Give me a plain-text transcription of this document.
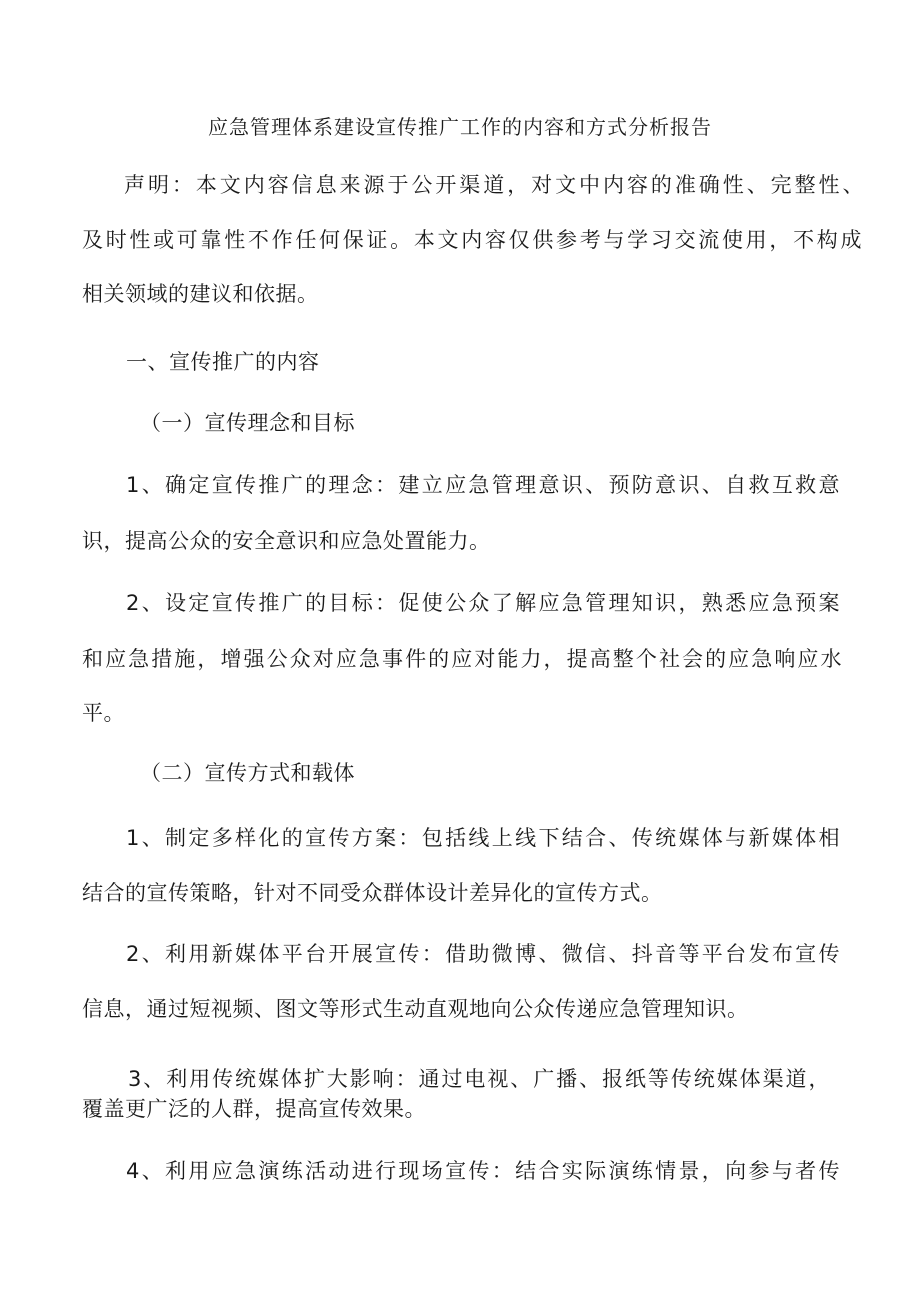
应急管理体系建设宣传推广工作的内容和方式分析报告
声明：本文内容信息来源于公开渠道，对文中内容的准确性、完整性、
及时性或可靠性不作任何保证。本文内容仅供参考与学习交流使用，不构成
相关领域的建议和依据。
一、宣传推广的内容
（一）宣传理念和目标
1、确定宣传推广的理念：建立应急管理意识、预防意识、自救互救意
识，提高公众的安全意识和应急处置能力。
2、设定宣传推广的目标：促使公众了解应急管理知识，熟悉应急预案
和应急措施，增强公众对应急事件的应对能力，提高整个社会的应急响应水
平。
（二）宣传方式和载体
1、制定多样化的宣传方案：包括线上线下结合、传统媒体与新媒体相
结合的宣传策略，针对不同受众群体设计差异化的宣传方式。
2、利用新媒体平台开展宣传：借助微博、微信、抖音等平台发布宣传
信息，通过短视频、图文等形式生动直观地向公众传递应急管理知识。
3、利用传统媒体扩大影响：通过电视、广播、报纸等传统媒体渠道，
覆盖更广泛的人群，提高宣传效果。
4、利用应急演练活动进行现场宣传：结合实际演练情景，向参与者传
